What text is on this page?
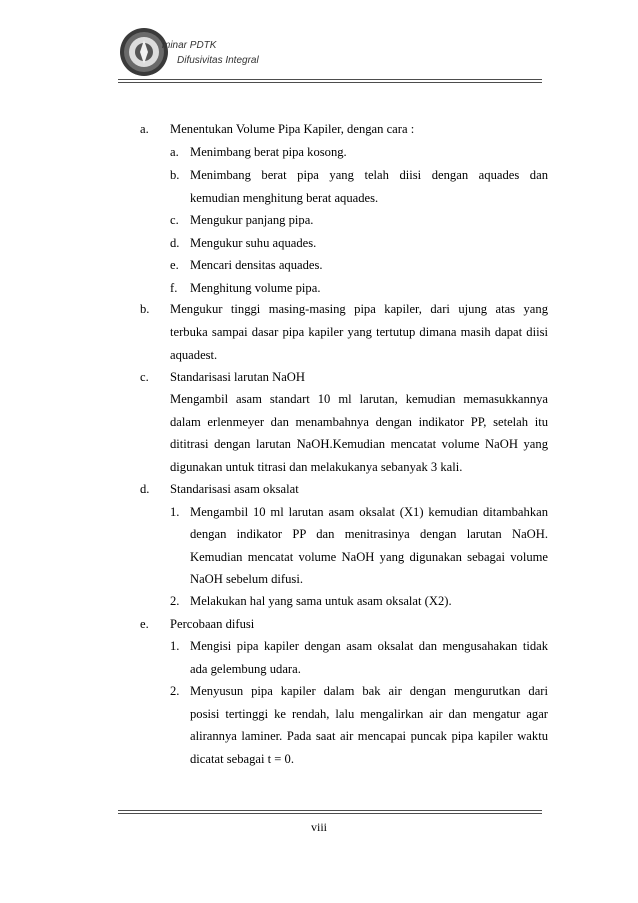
minar PDTK
Difusivitas Integral
a. Menentukan Volume Pipa Kapiler, dengan cara :
a. Menimbang berat pipa kosong.
b. Menimbang berat pipa yang telah diisi dengan aquades dan
kemudian menghitung berat aquades.
c. Mengukur panjang pipa.
d. Mengukur suhu aquades.
e. Mencari densitas aquades.
f. Menghitung volume pipa.
b. Mengukur tinggi masing-masing pipa kapiler, dari ujung atas yang
terbuka sampai dasar pipa kapiler yang tertutup dimana masih dapat diisi
aquadest.
c. Standarisasi larutan NaOH
Mengambil asam standart 10 ml larutan, kemudian memasukkannya
dalam erlenmeyer dan menambahnya dengan indikator PP, setelah itu
dititrasi dengan larutan NaOH.Kemudian mencatat volume NaOH yang
digunakan untuk titrasi dan melakukanya sebanyak 3 kali.
d. Standarisasi asam oksalat
1. Mengambil 10 ml larutan asam oksalat (X1) kemudian ditambahkan
dengan indikator PP dan menitrasinya dengan larutan NaOH.
Kemudian mencatat volume NaOH yang digunakan sebagai volume
NaOH sebelum difusi.
2. Melakukan hal yang sama untuk asam oksalat (X2).
e. Percobaan difusi
1. Mengisi pipa kapiler dengan asam oksalat dan mengusahakan tidak
ada gelembung udara.
2. Menyusun pipa kapiler dalam bak air dengan mengurutkan dari
posisi tertinggi ke rendah, lalu mengalirkan air dan mengatur agar
alirannya laminer. Pada saat air mencapai puncak pipa kapiler waktu
dicatat sebagai t = 0.
viii
